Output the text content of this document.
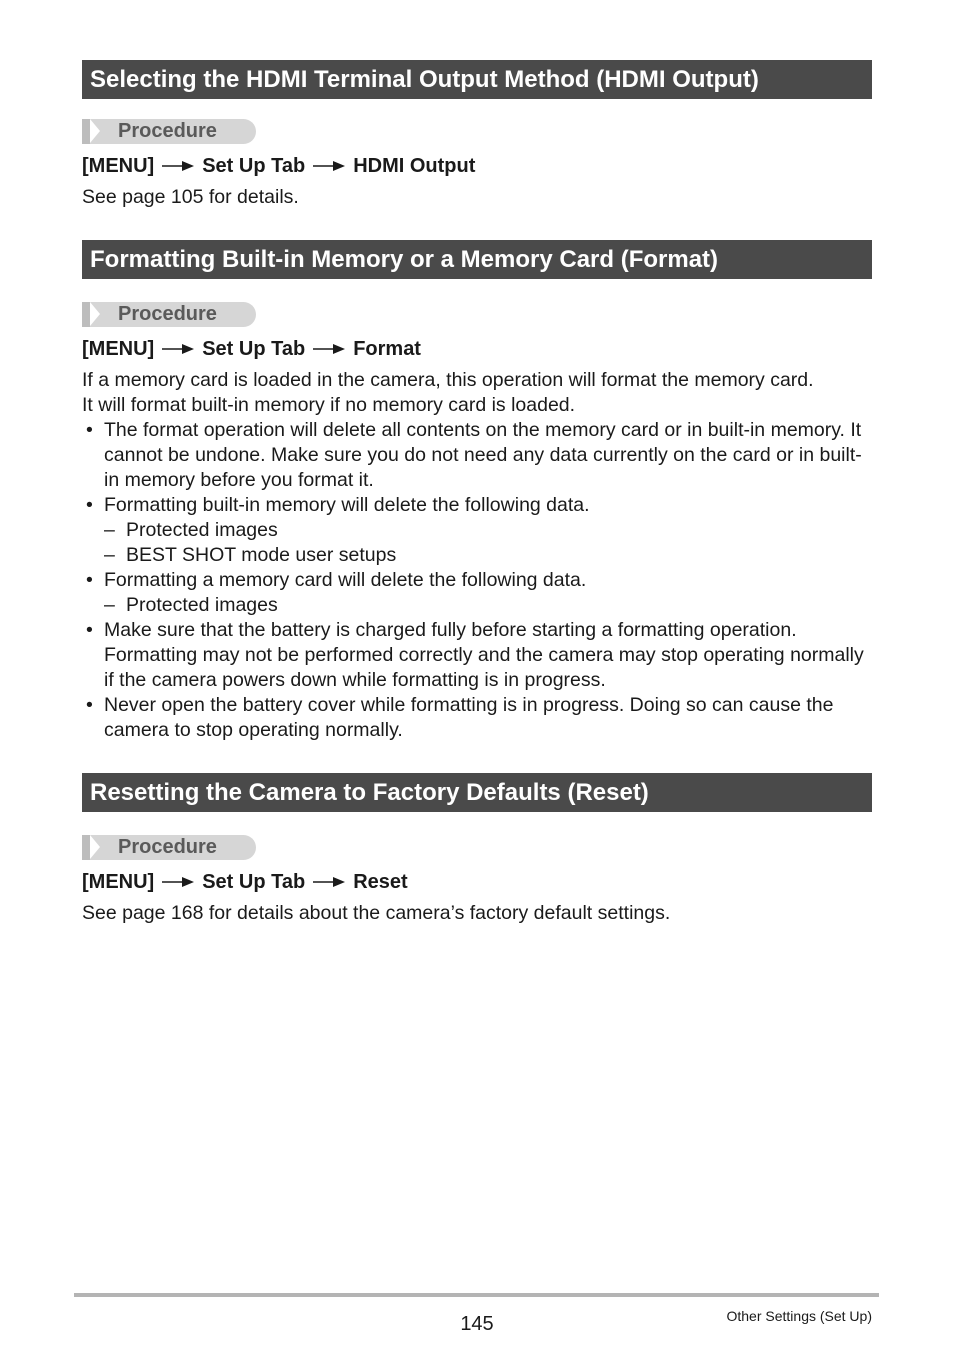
Selecting the HDMI Terminal Output Method (HDMI Output)
Procedure
[MENU] Set Up Tab HDMI Output

See page 105 for details.

Formatting Built-in Memory or a Memory Card (Format)
Procedure
[MENU] Set Up Tab Format

If a memory card is loaded in the camera, this operation will format the memory card.

It will format built-in memory if no memory card is loaded.

• The format operation will delete all contents on the memory card or in built-in memory. It cannot be undone. Make sure you do not need any data currently on the card or in built-in memory before you format it.
• Formatting built-in memory will delete the following data.
– Protected images
– BEST SHOT mode user setups
• Formatting a memory card will delete the following data.
– Protected images
• Make sure that the battery is charged fully before starting a formatting operation. Formatting may not be performed correctly and the camera may stop operating normally if the camera powers down while formatting is in progress.
• Never open the battery cover while formatting is in progress. Doing so can cause the camera to stop operating normally.
Resetting the Camera to Factory Defaults (Reset)
Procedure
[MENU] Set Up Tab Reset

See page 168 for details about the camera’s factory default settings.

145	Other Settings (Set Up)
